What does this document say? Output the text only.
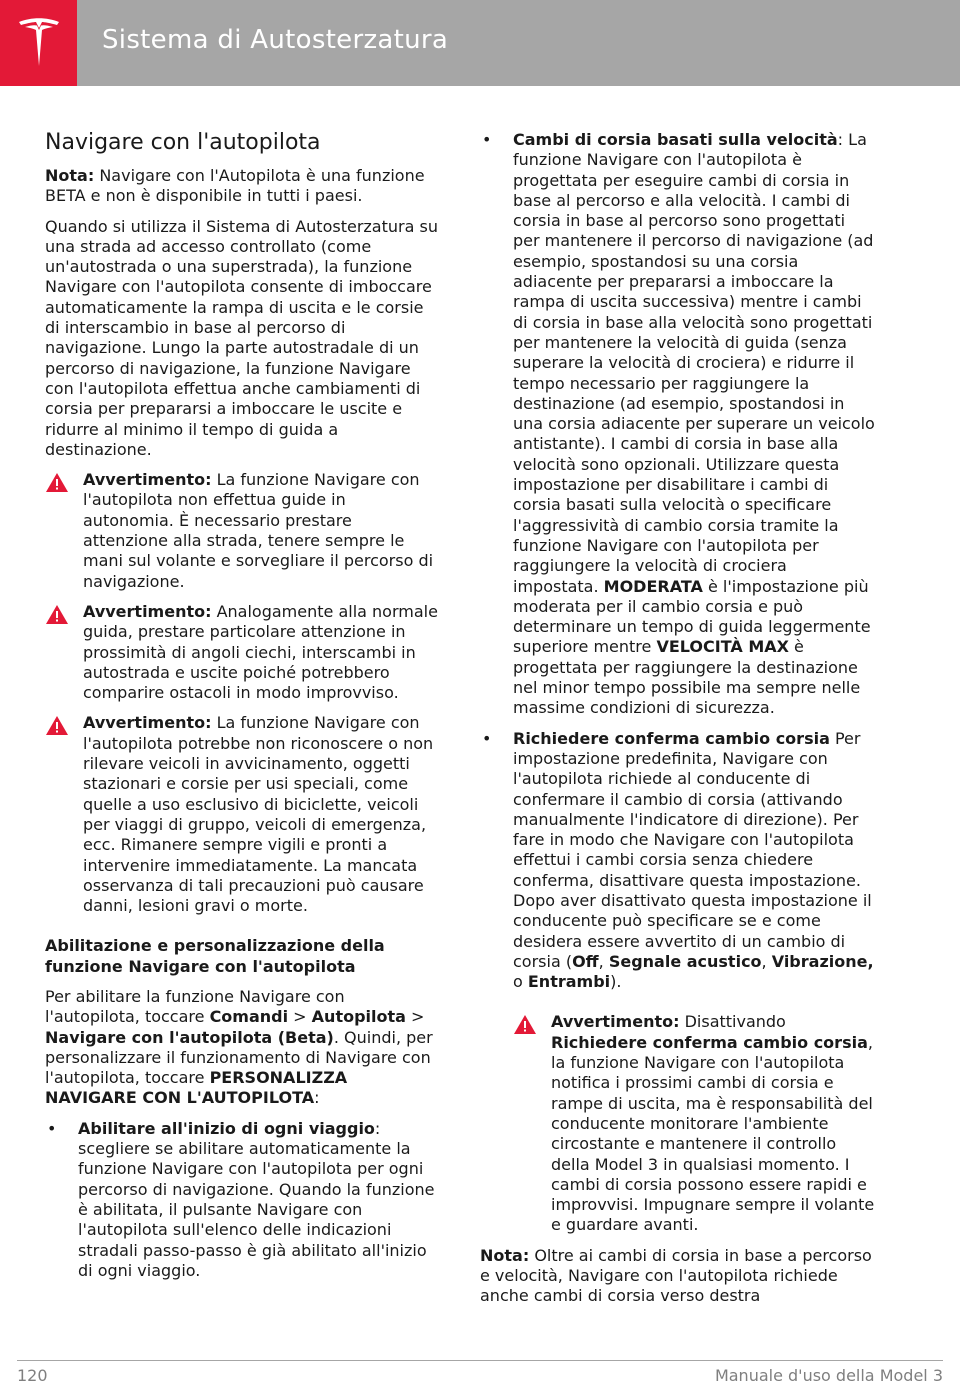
Sistema di Autosterzatura
Navigare con l'autopilota

Nota: Navigare con l'Autopilota è una funzione BETA e non è disponibile in tutti i paesi.

Quando si utilizza il Sistema di Autosterzatura su una strada ad accesso controllato (come un'autostrada o una superstrada), la funzione Navigare con l'autopilota consente di imboccare automaticamente la rampa di uscita e le corsie di interscambio in base al percorso di navigazione. Lungo la parte autostradale di un percorso di navigazione, la funzione Navigare con l'autopilota effettua anche cambiamenti di corsia per prepararsi a imboccare le uscite e ridurre al minimo il tempo di guida a destinazione.

Avvertimento: La funzione Navigare con l'autopilota non effettua guide in autonomia. È necessario prestare attenzione alla strada, tenere sempre le mani sul volante e sorvegliare il percorso di navigazione.
Avvertimento: Analogamente alla normale guida, prestare particolare attenzione in prossimità di angoli ciechi, interscambi in autostrada e uscite poiché potrebbero comparire ostacoli in modo improvviso.
Avvertimento: La funzione Navigare con l'autopilota potrebbe non riconoscere o non rilevare veicoli in avvicinamento, oggetti stazionari e corsie per usi speciali, come quelle a uso esclusivo di biciclette, veicoli per viaggi di gruppo, veicoli di emergenza, ecc. Rimanere sempre vigili e pronti a intervenire immediatamente. La mancata osservanza di tali precauzioni può causare danni, lesioni gravi o morte.
Abilitazione e personalizzazione della funzione Navigare con l'autopilota

Per abilitare la funzione Navigare con l'autopilota, toccare Comandi > Autopilota > Navigare con l'autopilota (Beta). Quindi, per personalizzare il funzionamento di Navigare con l'autopilota, toccare PERSONALIZZA NAVIGARE CON L'AUTOPILOTA:

• Abilitare all'inizio di ogni viaggio: scegliere se abilitare automaticamente la funzione Navigare con l'autopilota per ogni percorso di navigazione. Quando la funzione è abilitata, il pulsante Navigare con l'autopilota sull'elenco delle indicazioni stradali passo-passo è già abilitato all'inizio di ogni viaggio.
• Cambi di corsia basati sulla velocità: La funzione Navigare con l'autopilota è progettata per eseguire cambi di corsia in base al percorso e alla velocità. I cambi di corsia in base al percorso sono progettati per mantenere il percorso di navigazione (ad esempio, spostandosi su una corsia adiacente per prepararsi a imboccare la rampa di uscita successiva) mentre i cambi di corsia in base alla velocità sono progettati per mantenere la velocità di guida (senza superare la velocità di crociera) e ridurre il tempo necessario per raggiungere la destinazione (ad esempio, spostandosi in una corsia adiacente per superare un veicolo antistante). I cambi di corsia in base alla velocità sono opzionali. Utilizzare questa impostazione per disabilitare i cambi di corsia basati sulla velocità o specificare l'aggressività di cambio corsia tramite la funzione Navigare con l'autopilota per raggiungere la velocità di crociera impostata. MODERATA è l'impostazione più moderata per il cambio corsia e può determinare un tempo di guida leggermente superiore mentre VELOCITÀ MAX è progettata per raggiungere la destinazione nel minor tempo possibile ma sempre nelle massime condizioni di sicurezza.
• Richiedere conferma cambio corsia Per impostazione predefinita, Navigare con l'autopilota richiede al conducente di confermare il cambio di corsia (attivando manualmente l'indicatore di direzione). Per fare in modo che Navigare con l'autopilota effettui i cambi corsia senza chiedere conferma, disattivare questa impostazione. Dopo aver disattivato questa impostazione il conducente può specificare se e come desidera essere avvertito di un cambio di corsia (Off, Segnale acustico, Vibrazione, o Entrambi).
Avvertimento: Disattivando Richiedere conferma cambio corsia, la funzione Navigare con l'autopilota notifica i prossimi cambi di corsia e rampe di uscita, ma è responsabilità del conducente monitorare l'ambiente circostante e mantenere il controllo della Model 3 in qualsiasi momento. I cambi di corsia possono essere rapidi e improvvisi. Impugnare sempre il volante e guardare avanti.

Nota: Oltre ai cambi di corsia in base a percorso e velocità, Navigare con l'autopilota richiede anche cambi di corsia verso destra

120	Manuale d'uso della Model 3
